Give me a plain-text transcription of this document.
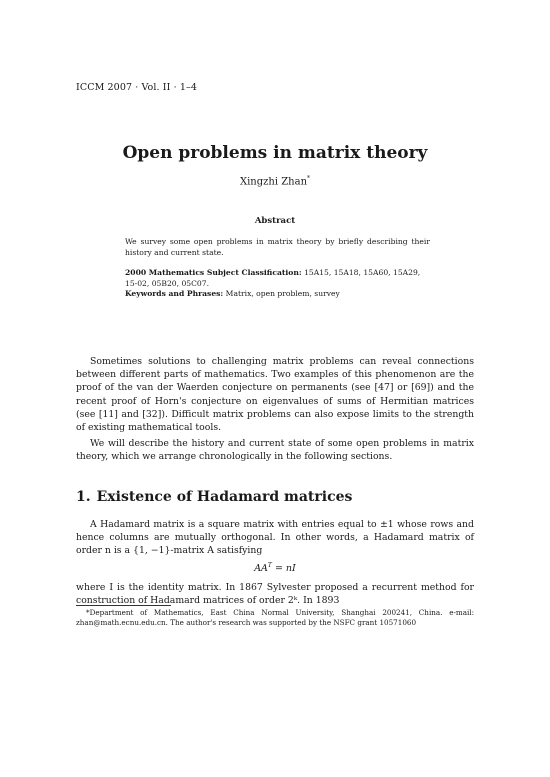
ICCM 2007 · Vol. II · 1–4
Open problems in matrix theory
Xingzhi Zhan*
Abstract
We survey some open problems in matrix theory by briefly describing their history and current state.
2000 Mathematics Subject Classification: 15A15, 15A18, 15A60, 15A29, 15-02, 05B20, 05C07.
Keywords and Phrases: Matrix, open problem, survey
Sometimes solutions to challenging matrix problems can reveal connections between different parts of mathematics. Two examples of this phenomenon are the proof of the van der Waerden conjecture on permanents (see [47] or [69]) and the recent proof of Horn's conjecture on eigenvalues of sums of Hermitian matrices (see [11] and [32]). Difficult matrix problems can also expose limits to the strength of existing mathematical tools.
We will describe the history and current state of some open problems in matrix theory, which we arrange chronologically in the following sections.
1. Existence of Hadamard matrices
A Hadamard matrix is a square matrix with entries equal to ±1 whose rows and hence columns are mutually orthogonal. In other words, a Hadamard matrix of order n is a {1, −1}-matrix A satisfying
$AA^T$ = nI
where I is the identity matrix. In 1867 Sylvester proposed a recurrent method for construction of Hadamard matrices of order 2ᵏ. In 1893
*Department of Mathematics, East China Normal University, Shanghai 200241, China. e-mail: zhan@math.ecnu.edu.cn. The author's research was supported by the NSFC grant 10571060
